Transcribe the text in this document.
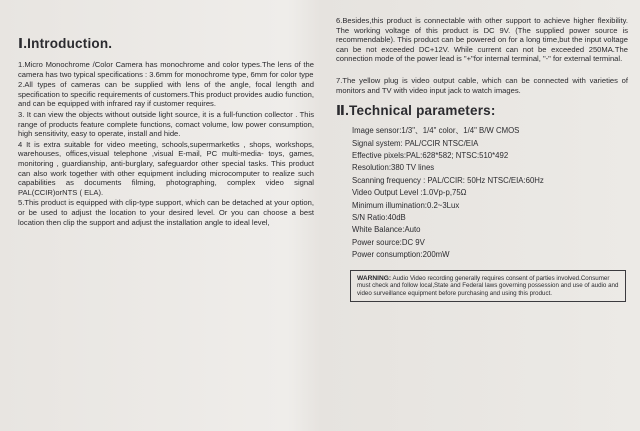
Ⅰ.Introduction.
1.Micro Monochrome /Color Camera has monochrome and color types.The lens of the camera has two typical specifications : 3.6mm for monochrome type, 6mm for color type
2.All types of cameras can be supplied with lens of the angle, focal length and specification to specific requirements of customers.This product provides audio function, and can be equipped with infrared ray if customer requires.
3. It can view the objects without outside light source, it is a full-function collector . This range of products feature complete functions, comact volume, low power consumption, high sensitivity, easy to operate, install and hide.
4 It is extra suitable for video meeting, schools,supermarketks , shops, workshops, warehouses, offices,visual telephone ,visual E-mail, PC multi-media- toys, games, monitoring , guardianship, anti-burglary, safeguardor other special tasks. This product can also work together with other equipment including microcomputer to realize such capabilities as documents filming, photographing, complex video signal PAL(CCIR)orNTS ( ELA).
5.This product is equipped with clip-type support, which can be detached at your option, or be used to adjust the location to your desired level. Or you can choose a best location then clip the support and adjust the installation angle to ideal level,
6.Besides,this product is connectable with other support to achieve higher flexibility. The working voltage of this product is DC 9V. (The supplied power source is recommendable). This product can be powered on for a long time,but the input voltage can be not exceeded DC+12V. While current can not be exceeded 250MA.The connection mode of the power lead is "+"for internal terminal, "-" for external terminal.
7.The yellow plug is video output cable, which can be connected with varieties of monitors and TV with video input jack to watch images.
Ⅱ.Technical parameters:
Image sensor:1/3"、1/4" color、1/4" B/W CMOS
Signal system: PAL/CCIR NTSC/EIA
Effective pixels:PAL:628*582; NTSC:510*492
Resolution:380 TV lines
Scanning frequency : PAL/CCIR: 50Hz NTSC/EIA:60Hz
Video Output Level :1.0Vp-p,75Ω
Minimum illumination:0.2~3Lux
S/N Ratio:40dB
White Balance:Auto
Power source:DC 9V
Power consumption:200mW
WARNING: Audio Video recording generally requires consent of parties involved.Consumer must check and follow local,State and Federal laws governing possession and use of audio and video surveillance equipment before purchasing and using this product.
